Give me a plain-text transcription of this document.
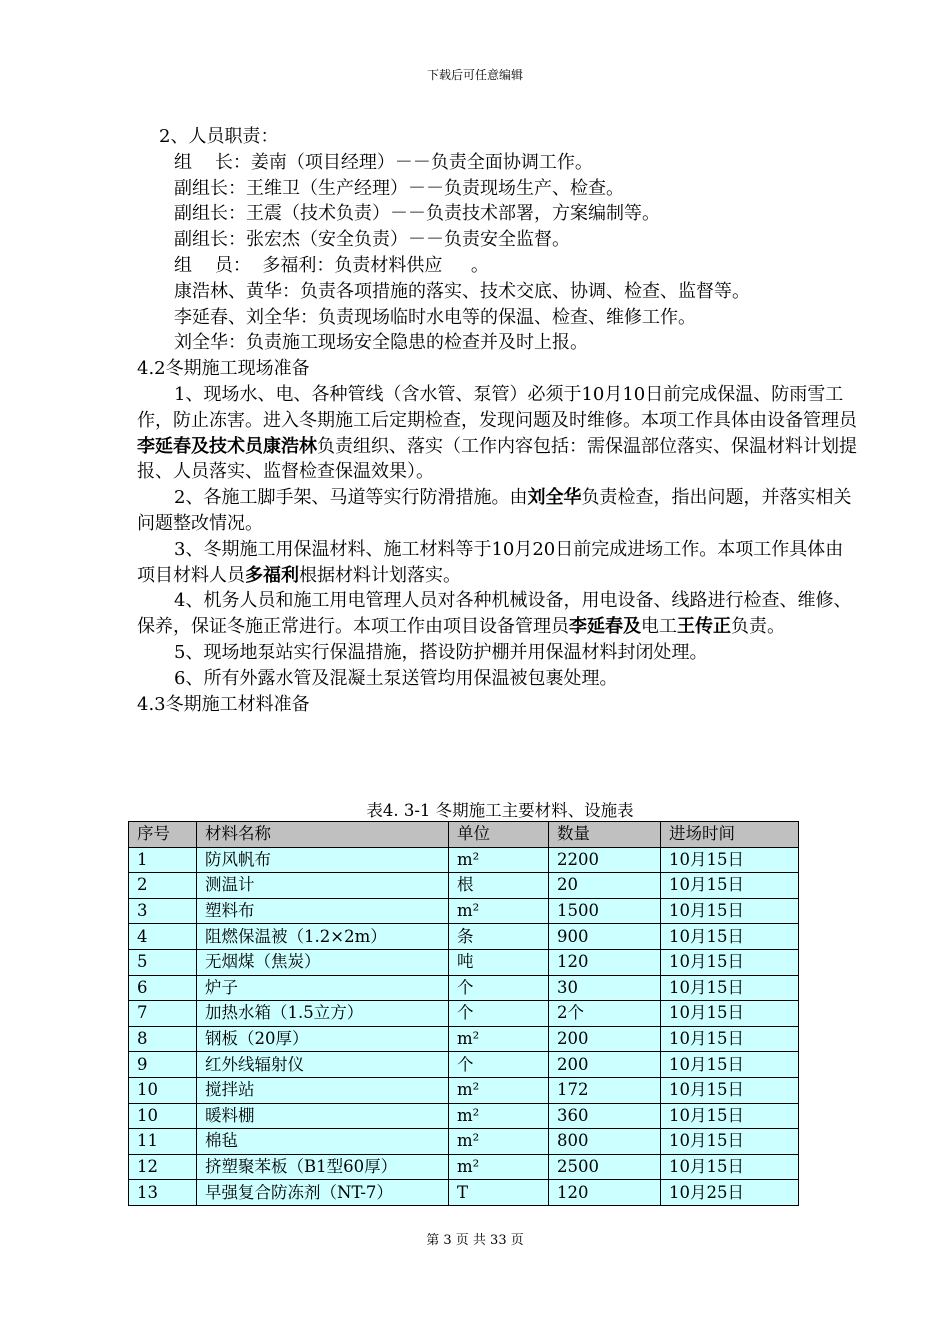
下载后可任意编辑

2、人员职责：

组    长：姜南（项目经理）－－负责全面协调工作。

副组长：王维卫（生产经理）－－负责现场生产、检查。

副组长：王震（技术负责）－－负责技术部署，方案编制等。

副组长：张宏杰（安全负责）－－负责安全监督。

组    员：  多福利：负责材料供应     。

康浩林、黄华：负责各项措施的落实、技术交底、协调、检查、监督等。

李延春、刘全华：负责现场临时水电等的保温、检查、维修工作。

刘全华：负责施工现场安全隐患的检查并及时上报。

4.2冬期施工现场准备

1、现场水、电、各种管线（含水管、泵管）必须于10月10日前完成保温、防雨雪工作，防止冻害。进入冬期施工后定期检查，发现问题及时维修。本项工作具体由设备管理员李延春及技术员康浩林负责组织、落实（工作内容包括：需保温部位落实、保温材料计划提报、人员落实、监督检查保温效果）。

2、各施工脚手架、马道等实行防滑措施。由刘全华负责检查，指出问题，并落实相关问题整改情况。

3、冬期施工用保温材料、施工材料等于10月20日前完成进场工作。本项工作具体由项目材料人员多福利根据材料计划落实。

4、机务人员和施工用电管理人员对各种机械设备，用电设备、线路进行检查、维修、保养，保证冬施正常进行。本项工作由项目设备管理员李延春及电工王传正负责。

5、现场地泵站实行保温措施，搭设防护棚并用保温材料封闭处理。

6、所有外露水管及混凝土泵送管均用保温被包裹处理。

4.3冬期施工材料准备

表4. 3-1 冬期施工主要材料、设施表
序号	材料名称	单位	数量	进场时间
1	防风帆布	m²	2200	10月15日
2	测温计	根	20	10月15日
3	塑料布	m²	1500	10月15日
4	阻燃保温被（1.2×2m）	条	900	10月15日
5	无烟煤（焦炭）	吨	120	10月15日
6	炉子	个	30	10月15日
7	加热水箱（1.5立方）	个	2个	10月15日
8	钢板（20厚）	m²	200	10月15日
9	红外线辐射仪	个	200	10月15日
10	搅拌站	m²	172	10月15日
10	暖料棚	m²	360	10月15日
11	棉毡	m²	800	10月15日
12	挤塑聚苯板（B1型60厚）	m²	2500	10月15日
13	早强复合防冻剂（NT-7）	T	120	10月25日
第 3 页 共 33 页
